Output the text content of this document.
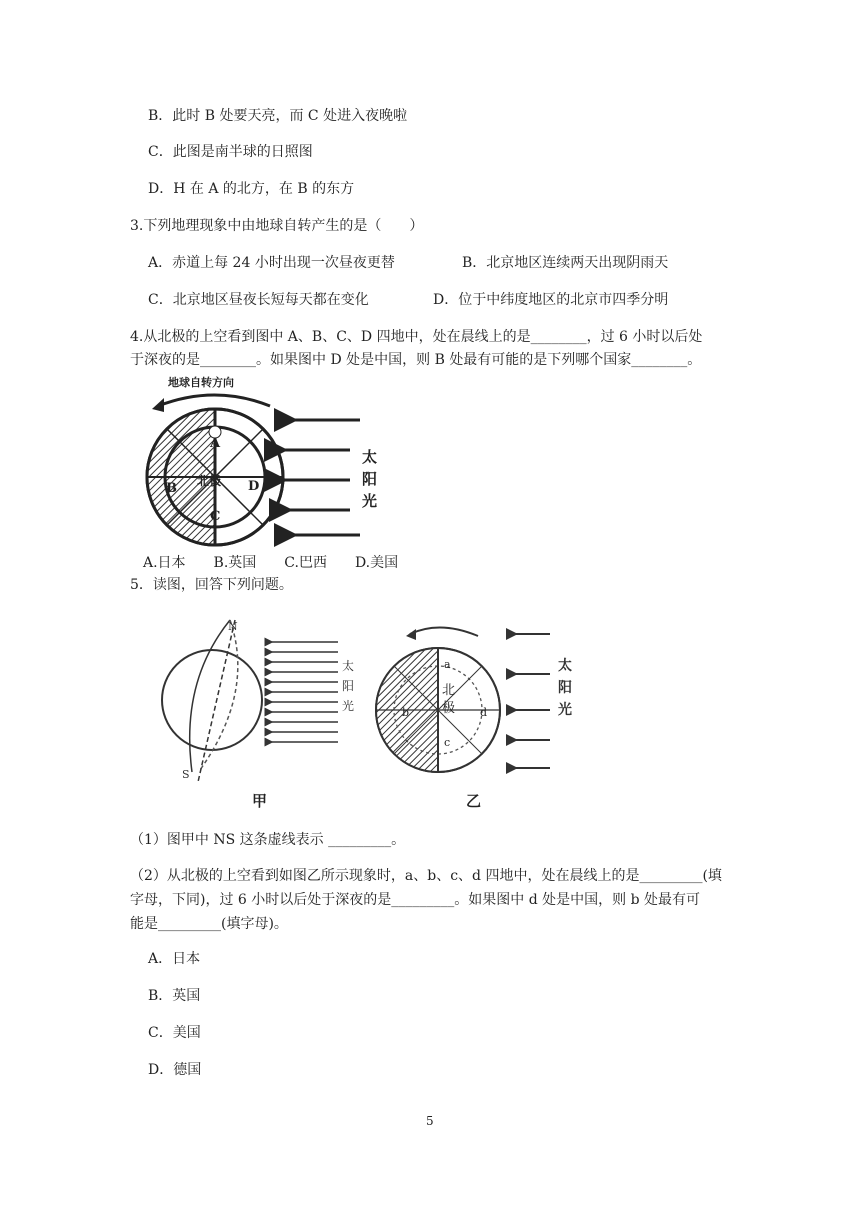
B．此时 B 处要天亮，而 C 处进入夜晚啦
C．此图是南半球的日照图
D．H 在 A 的北方，在 B 的东方
3.下列地理现象中由地球自转产生的是（　　）
A．赤道上每 24 小时出现一次昼夜更替	B．北京地区连续两天出现阴雨天
C．北京地区昼夜长短每天都在变化	D．位于中纬度地区的北京市四季分明
4.从北极的上空看到图中 A、B、C、D 四地中，处在晨线上的是________，过 6 小时以后处
于深夜的是________。如果图中 D 处是中国，则 B 处最有可能的是下列哪个国家________。
地球自转方向
A
B
C
D
北极
太
阳
光
A.日本　　B.英国　　C.巴西　　D.美国
5．读图，回答下列问题。
N
S
太
阳
光
甲
a
b
c
d
北
极
太
阳
光
乙
（1）图甲中 NS 这条虚线表示 _________。
（2）从北极的上空看到如图乙所示现象时，a、b、c、d 四地中，处在晨线上的是_________(填
字母，下同)，过 6 小时以后处于深夜的是_________。如果图中 d 处是中国，则 b 处最有可
能是_________(填字母)。
A．日本
B．英国
C．美国
D．德国
5
